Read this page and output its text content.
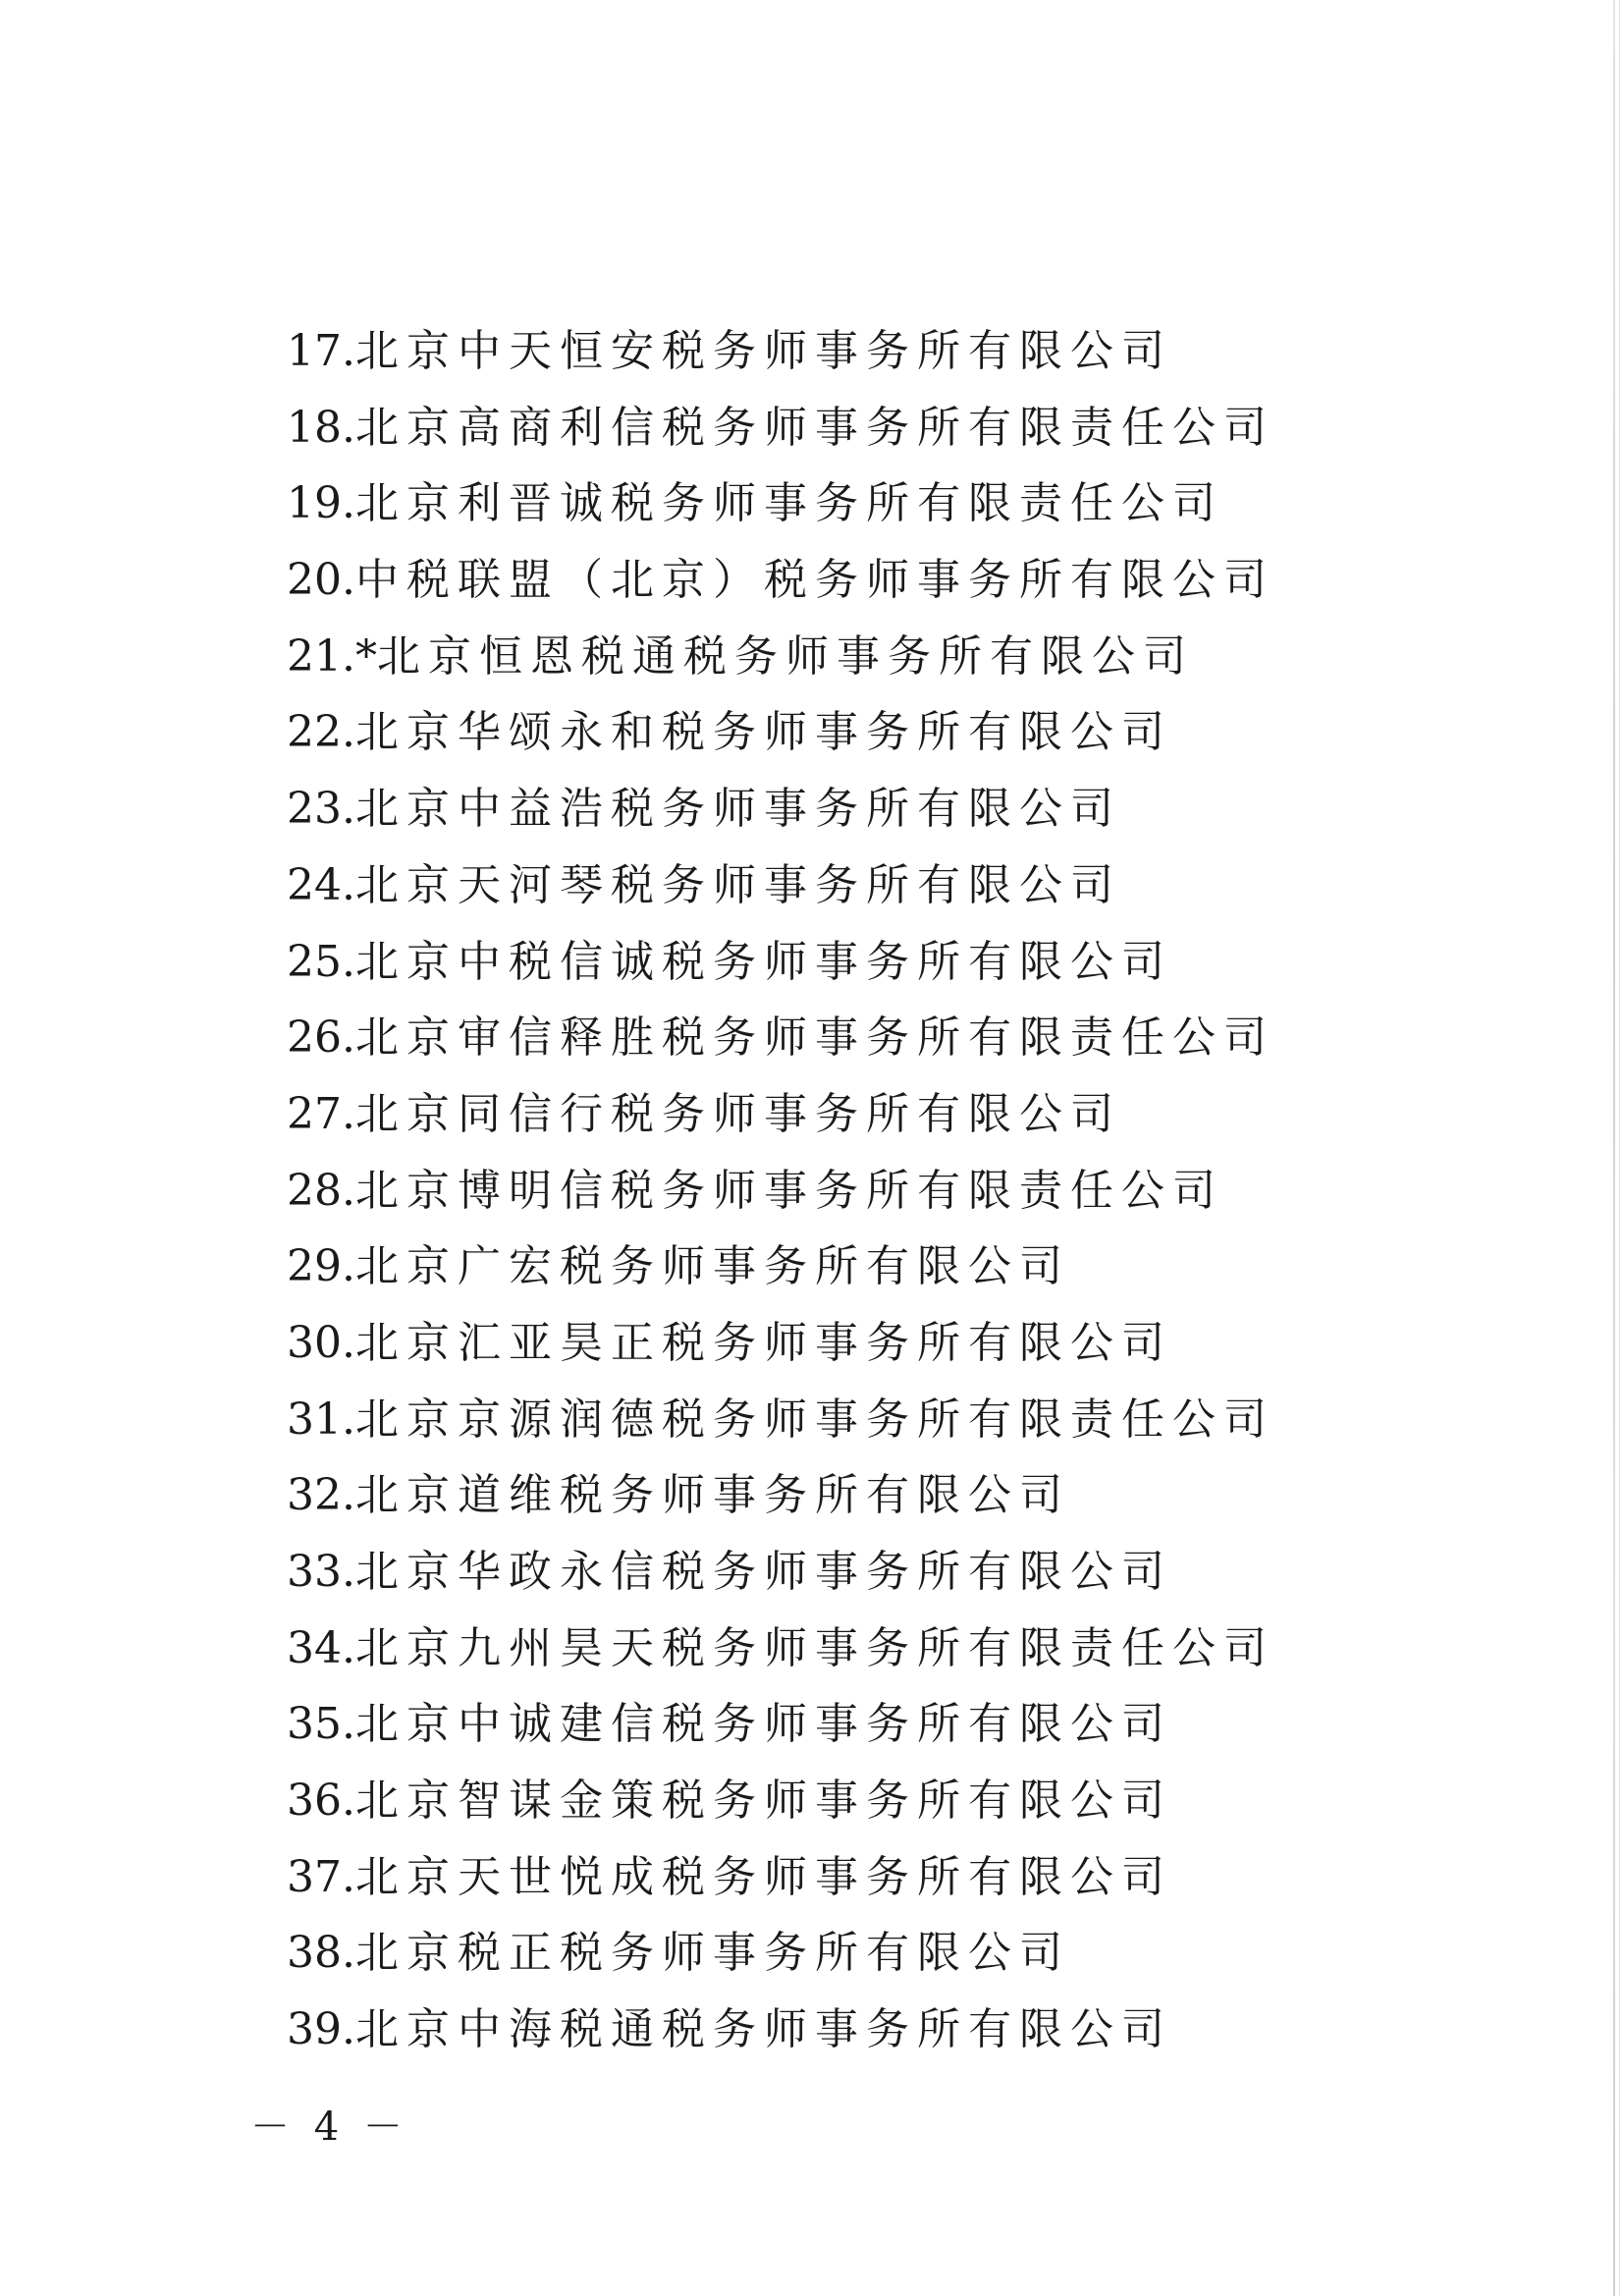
17.北京中天恒安税务师事务所有限公司
18.北京高商利信税务师事务所有限责任公司
19.北京利晋诚税务师事务所有限责任公司
20.中税联盟（北京）税务师事务所有限公司
21.*北京恒恩税通税务师事务所有限公司
22.北京华颂永和税务师事务所有限公司
23.北京中益浩税务师事务所有限公司
24.北京天河琴税务师事务所有限公司
25.北京中税信诚税务师事务所有限公司
26.北京审信释胜税务师事务所有限责任公司
27.北京同信行税务师事务所有限公司
28.北京博明信税务师事务所有限责任公司
29.北京广宏税务师事务所有限公司
30.北京汇亚昊正税务师事务所有限公司
31.北京京源润德税务师事务所有限责任公司
32.北京道维税务师事务所有限公司
33.北京华政永信税务师事务所有限公司
34.北京九州昊天税务师事务所有限责任公司
35.北京中诚建信税务师事务所有限公司
36.北京智谋金策税务师事务所有限公司
37.北京天世悦成税务师事务所有限公司
38.北京税正税务师事务所有限公司
39.北京中海税通税务师事务所有限公司
－ 4 －
